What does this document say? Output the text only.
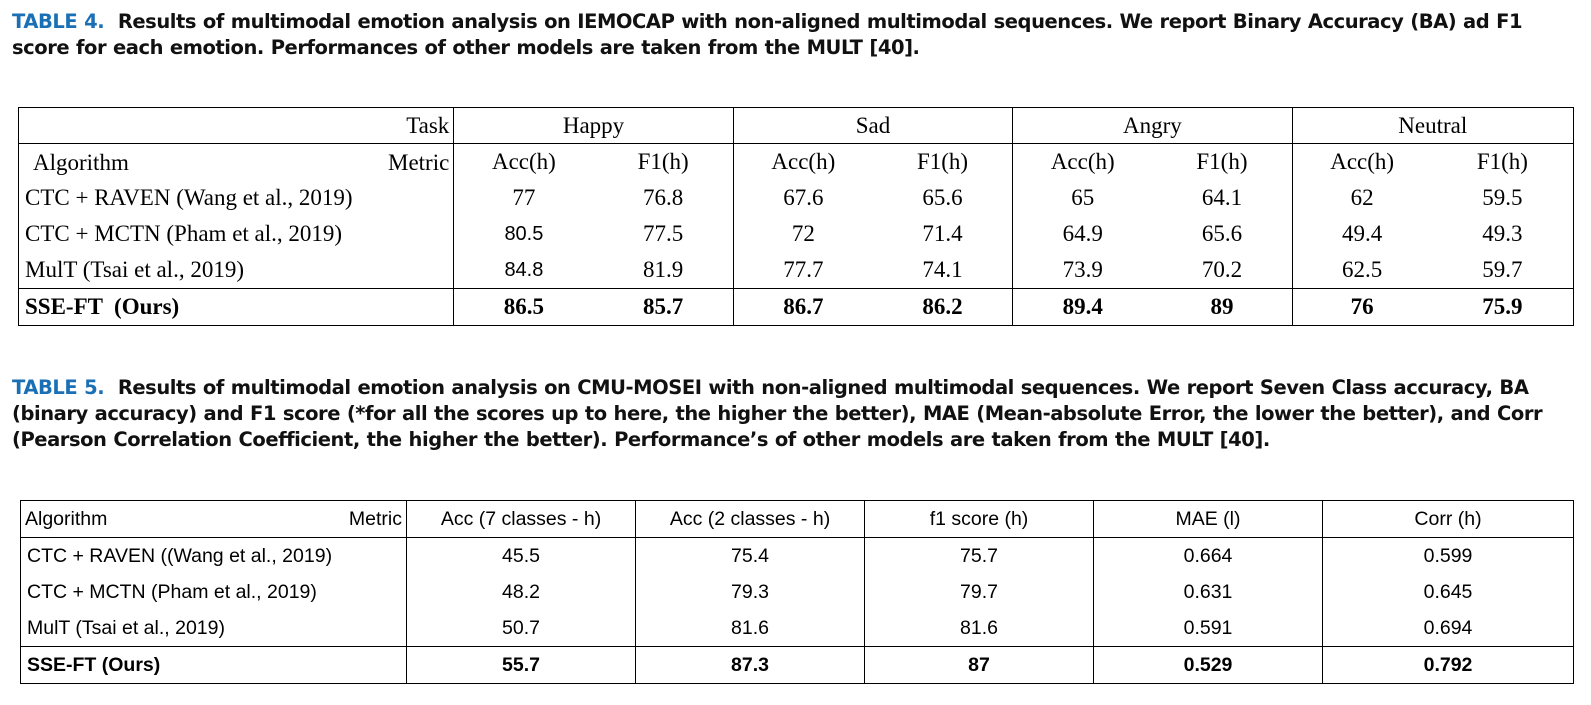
TABLE 4. Results of multimodal emotion analysis on IEMOCAP with non-aligned multimodal sequences. We report Binary Accuracy (BA) ad F1 score for each emotion. Performances of other models are taken from the MULT [40].
Task	Happy		Sad		Angry		Neutral	

Algorithm Metric	Acc(h)	F1(h)	Acc(h)	F1(h)	Acc(h)	F1(h)	Acc(h)	F1(h)
CTC + RAVEN (Wang et al., 2019)	77	76.8	67.6	65.6	65	64.1	62	59.5
CTC + MCTN (Pham et al., 2019)	80.5	77.5	72	71.4	64.9	65.6	49.4	49.3
MulT (Tsai et al., 2019)	84.8	81.9	77.7	74.1	73.9	70.2	62.5	59.7
SSE-FT  (Ours)	86.5	85.7	86.7	86.2	89.4	89	76	75.9
TABLE 5. Results of multimodal emotion analysis on CMU-MOSEI with non-aligned multimodal sequences. We report Seven Class accuracy, BA (binary accuracy) and F1 score (*for all the scores up to here, the higher the better), MAE (Mean-absolute Error, the lower the better), and Corr (Pearson Correlation Coefficient, the higher the better). Performance’s of other models are taken from the MULT [40].
Algorithm Metric	Acc (7 classes - h)	Acc (2 classes - h)	f1 score (h)	MAE (l)	Corr (h)
CTC + RAVEN ((Wang et al., 2019)	45.5	75.4	75.7	0.664	0.599
CTC + MCTN (Pham et al., 2019)	48.2	79.3	79.7	0.631	0.645
MulT (Tsai et al., 2019)	50.7	81.6	81.6	0.591	0.694
SSE-FT (Ours)	55.7	87.3	87	0.529	0.792
